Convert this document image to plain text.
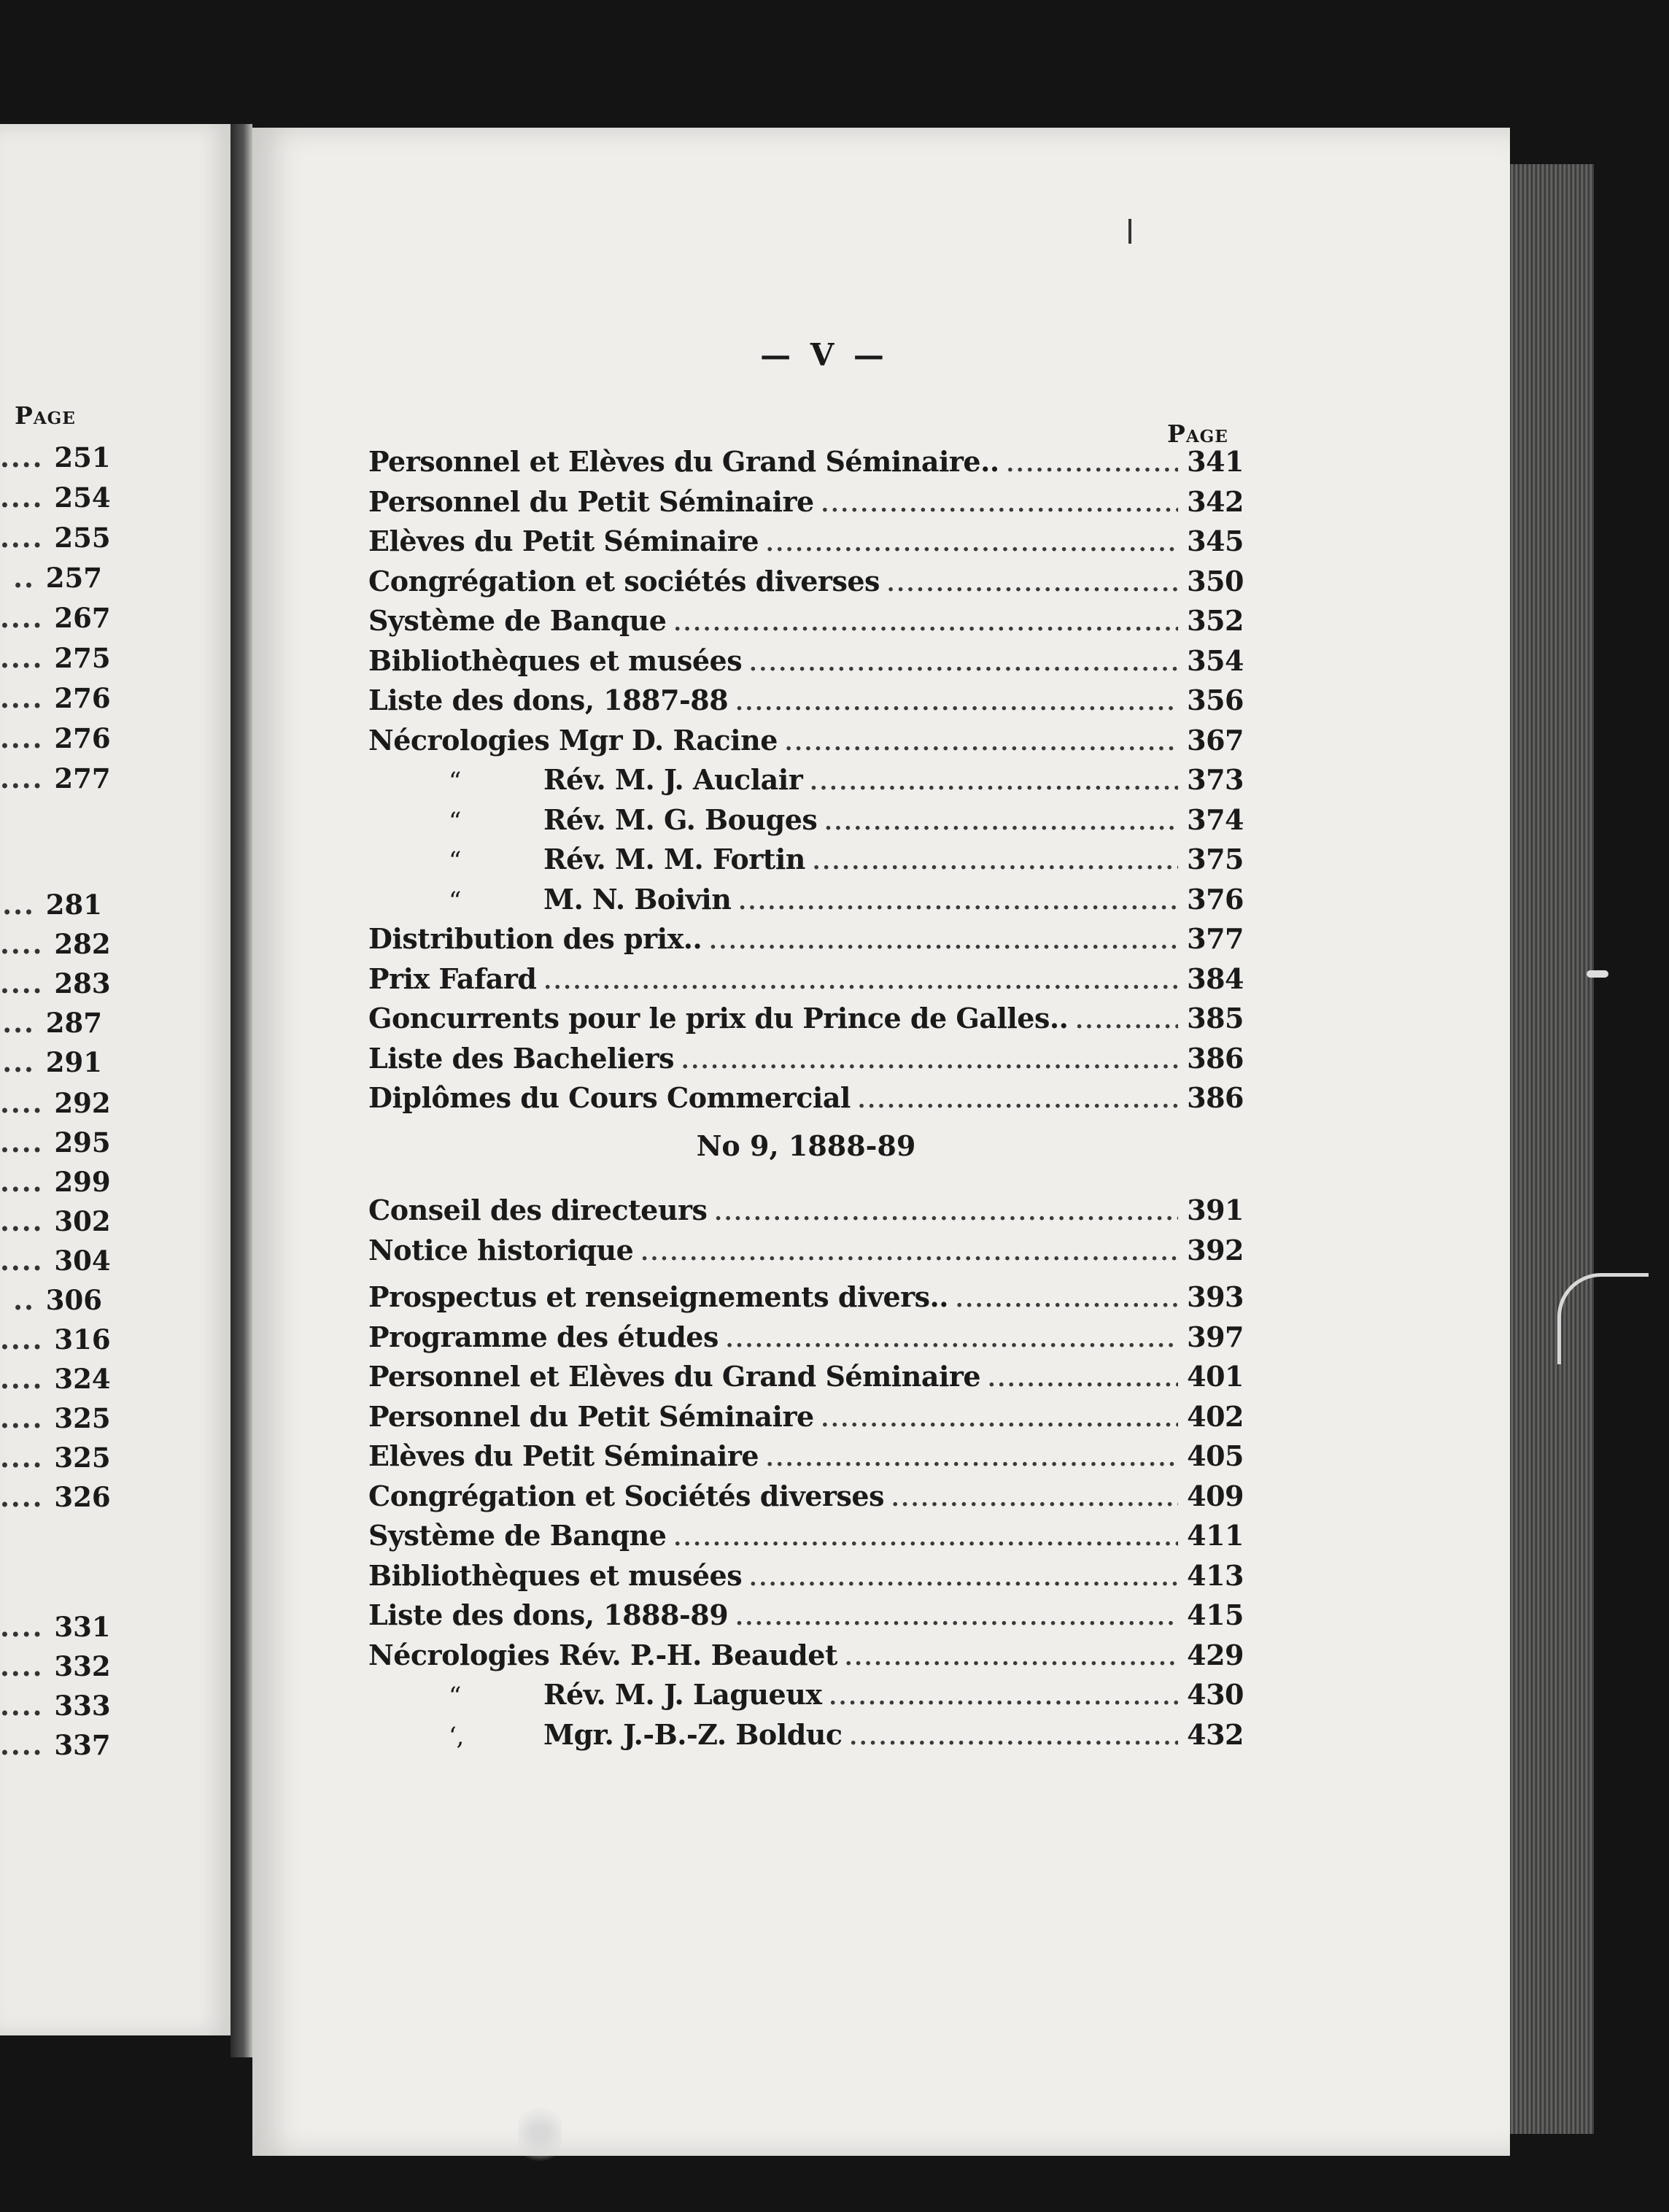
Page
.... 251
.... 254
.... 255
.. 257
.... 267
.... 275
.... 276
.... 276
.... 277
... 281
.... 282
.... 283
... 287
... 291
.... 292
.... 295
.... 299
.... 302
.... 304
.. 306
.... 316
.... 324
.... 325
.... 325
.... 326
.... 331
.... 332
.... 333
.... 337
— V —
Page
Personnel et Elèves du Grand Séminaire.. .....	341
Personnel du Petit Séminaire .....	342
Elèves du Petit Séminaire .....	345
Congrégation et sociétés diverses .....	350
Système de Banque .....	352
Bibliothèques et musées .....	354
Liste des dons, 1887-88 .....	356
Nécrologies Mgr D. Racine .....	367
“	Rév. M. J. Auclair .....	373
“	Rév. M. G. Bouges .....	374
“	Rév. M. M. Fortin .....	375
“	M. N. Boivin .....	376
Distribution des prix.. .....	377
Prix Fafard .....	384
Goncurrents pour le prix du Prince de Galles.. .....	385
Liste des Bacheliers .....	386
Diplômes du Cours Commercial .....	386
No 9, 1888-89
Conseil des directeurs .....	391
Notice historique .....	392
Prospectus et renseignements divers.. .....	393
Programme des études .....	397
Personnel et Elèves du Grand Séminaire .....	401
Personnel du Petit Séminaire .....	402
Elèves du Petit Séminaire .....	405
Congrégation et Sociétés diverses .....	409
Système de Banqne .....	411
Bibliothèques et musées .....	413
Liste des dons, 1888-89 .....	415
Nécrologies Rév. P.-H. Beaudet .....	429
“	Rév. M. J. Lagueux .....	430
‘‚	Mgr. J.-B.-Z. Bolduc .....	432
